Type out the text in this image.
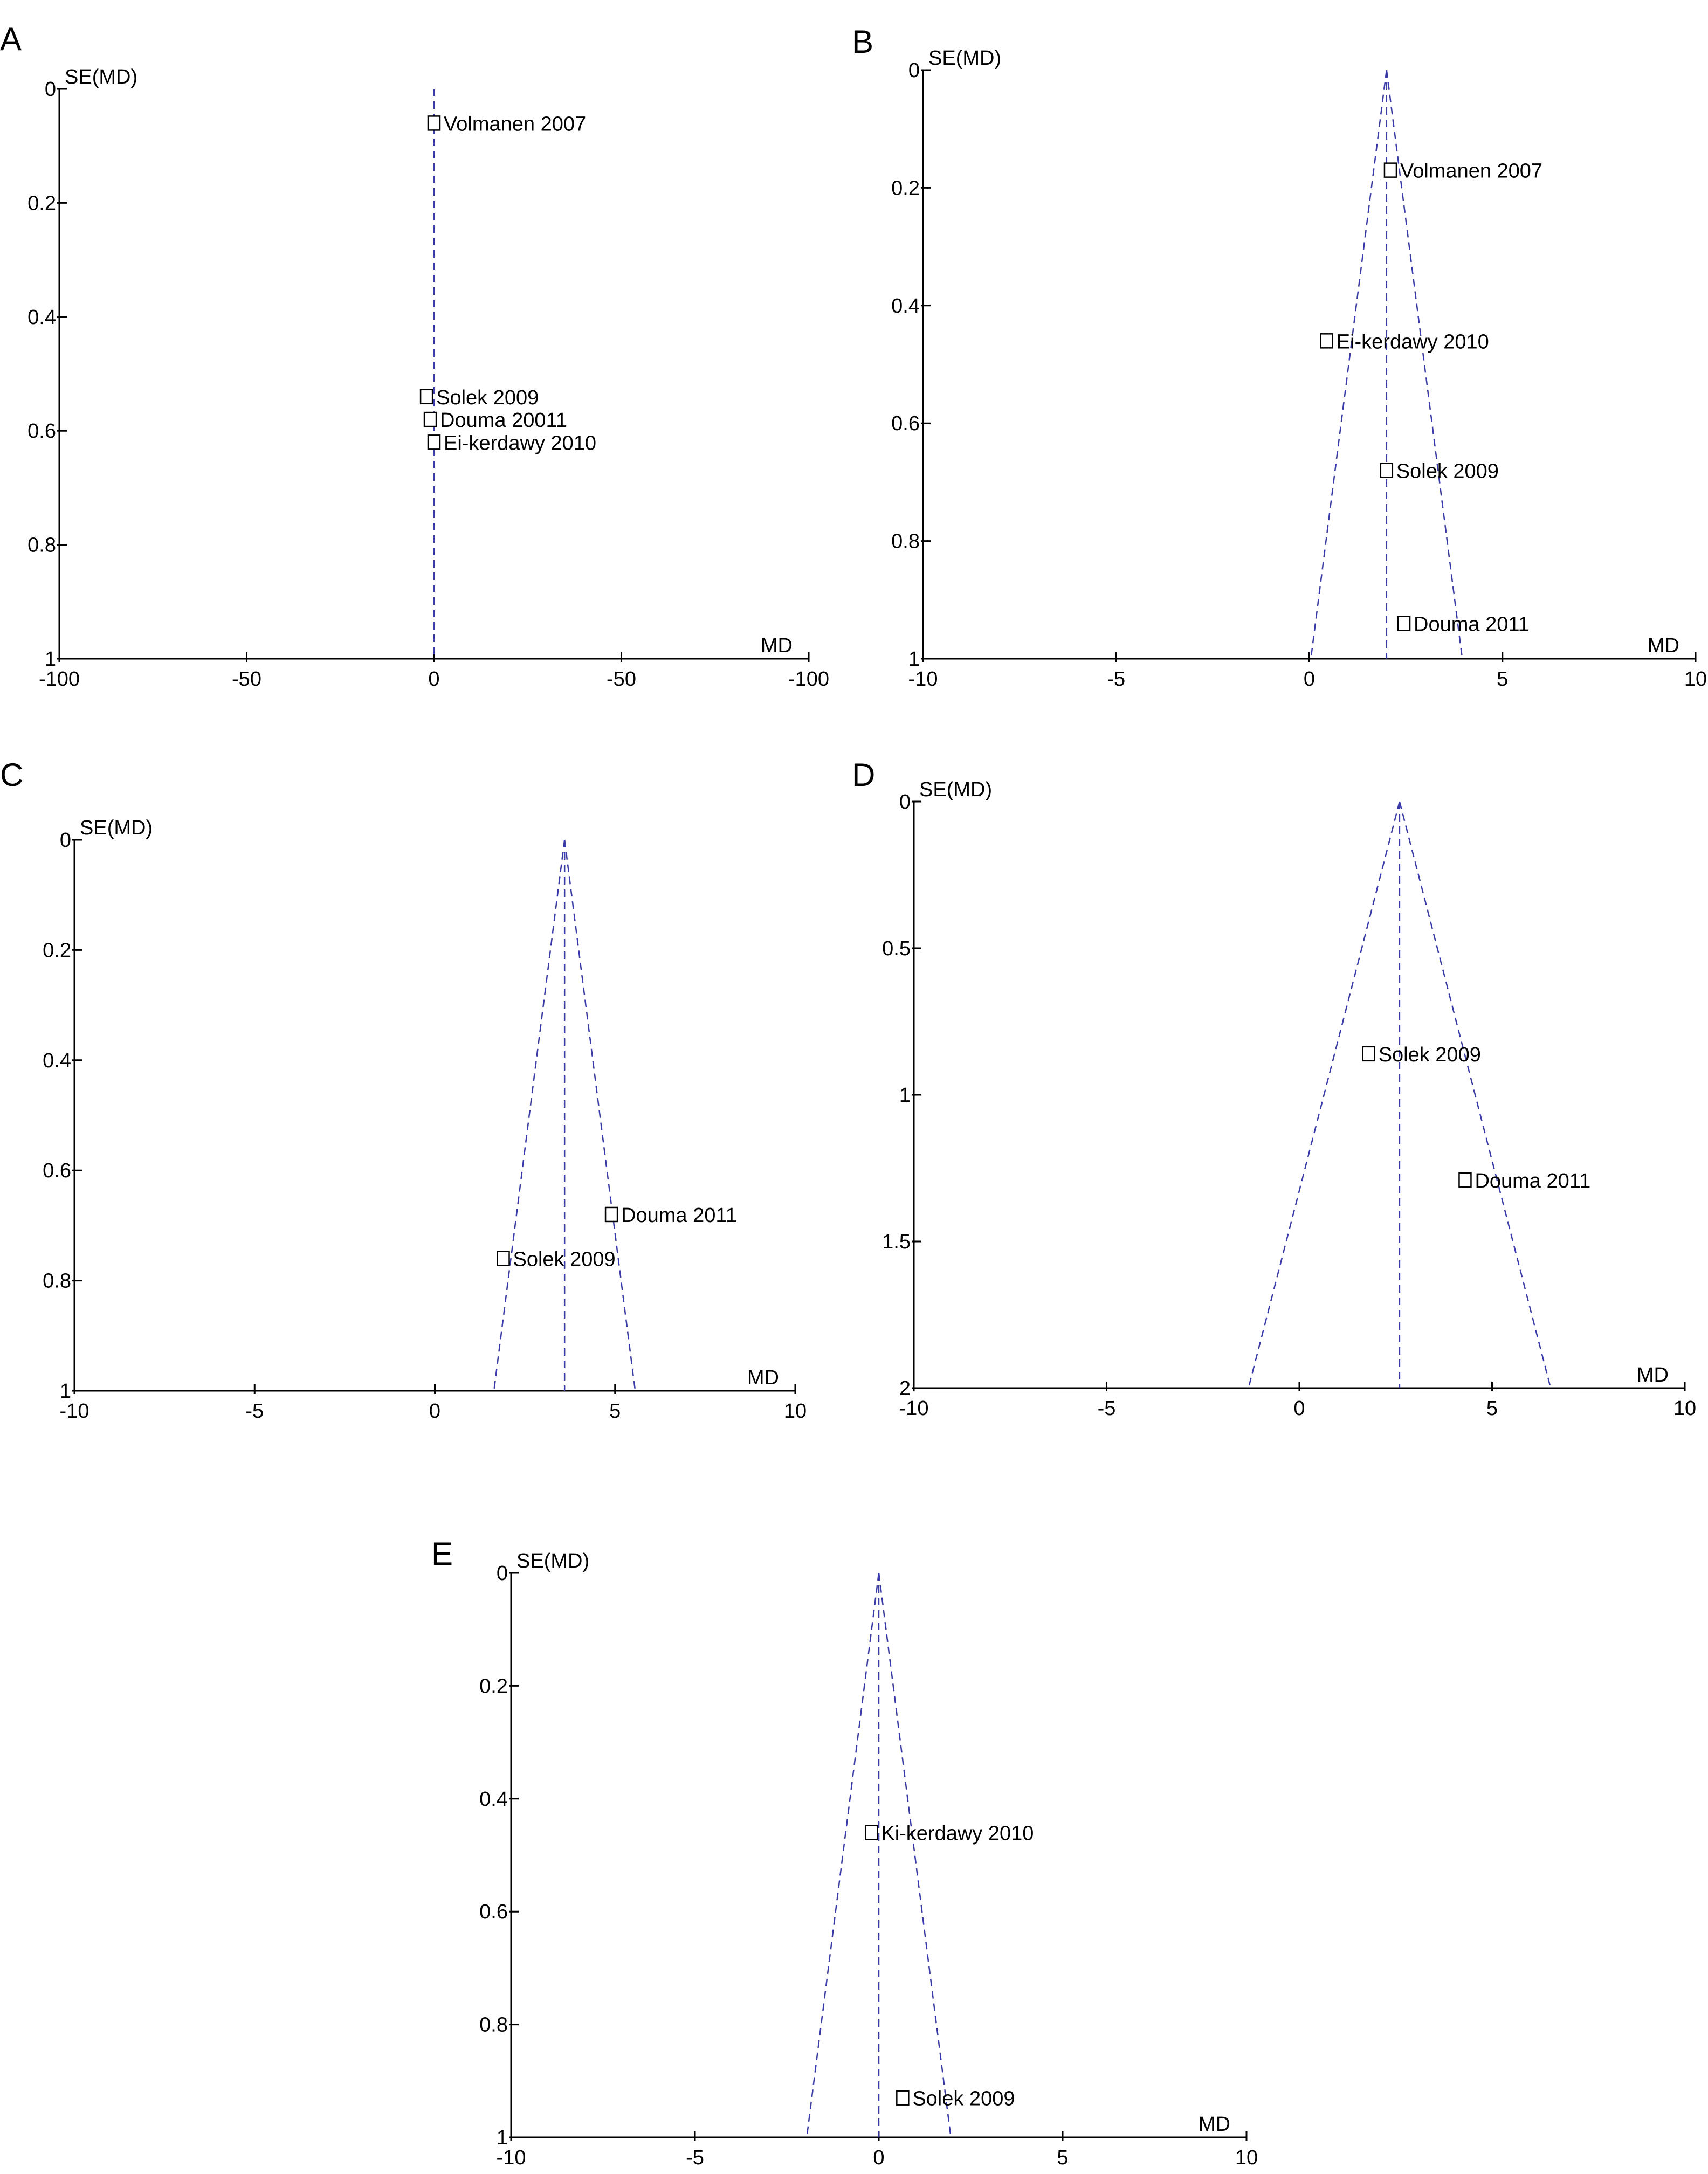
A
0
0.2
0.4
0.6
0.8
1
-100	-50	0	-50	-100
SE(MD)
MD
Volmanen 2007
Solek 2009
Douma 20011
Ei-kerdawy 2010
B
0
0.2
0.4
0.6
0.8
1
-10	-5	0	5	10
SE(MD)
MD
Volmanen 2007
Ei-kerdawy 2010
Solek 2009
Douma 2011
C
0
0.2
0.4
0.6
0.8
1
-10	-5	0	5	10
SE(MD)
MD
Douma 2011
Solek 2009
D
0
0.5
1
1.5
2
-10	-5	0	5	10
SE(MD)
MD
Solek 2009
Douma 2011
E
0
0.2
0.4
0.6
0.8
1
-10	-5	0	5	10
SE(MD)
MD
Ki-kerdawy 2010
Solek 2009
